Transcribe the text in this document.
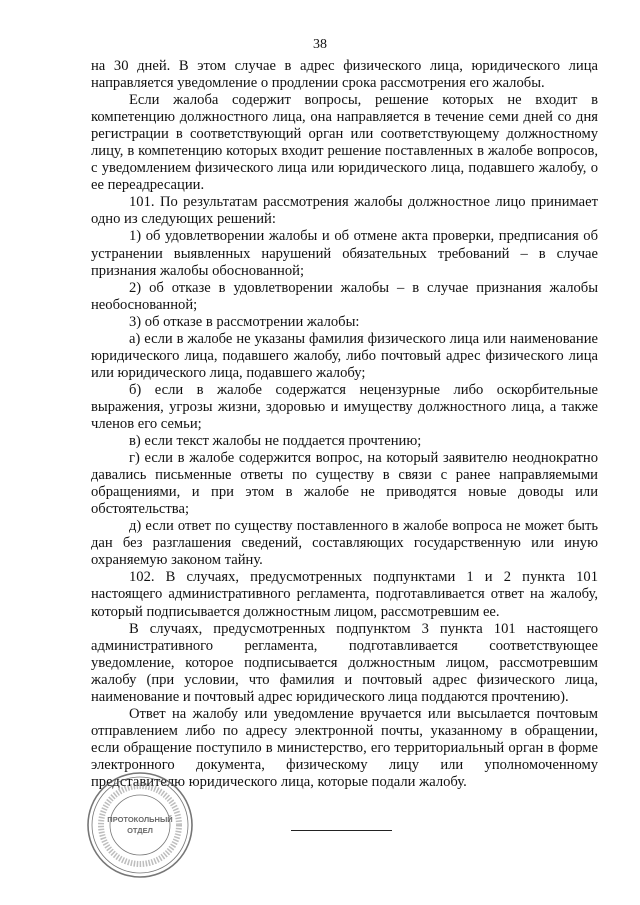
38

на 30 дней. В этом случае в адрес физического лица, юридического лица направляется уведомление о продлении срока рассмотрения его жалобы.

Если жалоба содержит вопросы, решение которых не входит в компетенцию должностного лица, она направляется в течение семи дней со дня регистрации в соответствующий орган или соответствующему должностному лицу, в компетенцию которых входит решение поставленных в жалобе вопросов, с уведомлением физического лица или юридического лица, подавшего жалобу, о ее переадресации.

101. По результатам рассмотрения жалобы должностное лицо принимает одно из следующих решений:

1) об удовлетворении жалобы и об отмене акта проверки, предписания об устранении выявленных нарушений обязательных требований – в случае признания жалобы обоснованной;

2) об отказе в удовлетворении жалобы – в случае признания жалобы необоснованной;

3) об отказе в рассмотрении жалобы:

а) если в жалобе не указаны фамилия физического лица или наименование юридического лица, подавшего жалобу, либо почтовый адрес физического лица или юридического лица, подавшего жалобу;

б) если в жалобе содержатся нецензурные либо оскорбительные выражения, угрозы жизни, здоровью и имуществу должностного лица, а также членов его семьи;

в) если текст жалобы не поддается прочтению;

г) если в жалобе содержится вопрос, на который заявителю неоднократно давались письменные ответы по существу в связи с ранее направляемыми обращениями, и при этом в жалобе не приводятся новые доводы или обстоятельства;

д) если ответ по существу поставленного в жалобе вопроса не может быть дан без разглашения сведений, составляющих государственную или иную охраняемую законом тайну.

102. В случаях, предусмотренных подпунктами 1 и 2 пункта 101 настоящего административного регламента, подготавливается ответ на жалобу, который подписывается должностным лицом, рассмотревшим ее.

В случаях, предусмотренных подпунктом 3 пункта 101 настоящего административного регламента, подготавливается соответствующее уведомление, которое подписывается должностным лицом, рассмотревшим жалобу (при условии, что фамилия и почтовый адрес физического лица, наименование и почтовый адрес юридического лица поддаются прочтению).

Ответ на жалобу или уведомление вручается или высылается почтовым отправлением либо по адресу электронной почты, указанному в обращении, если обращение поступило в министерство, его территориальный орган в форме электронного документа, физическому лицу или уполномоченному представителю юридического лица, которые подали жалобу.

ПРОТОКОЛЬНЫЙ
ОТДЕЛ
